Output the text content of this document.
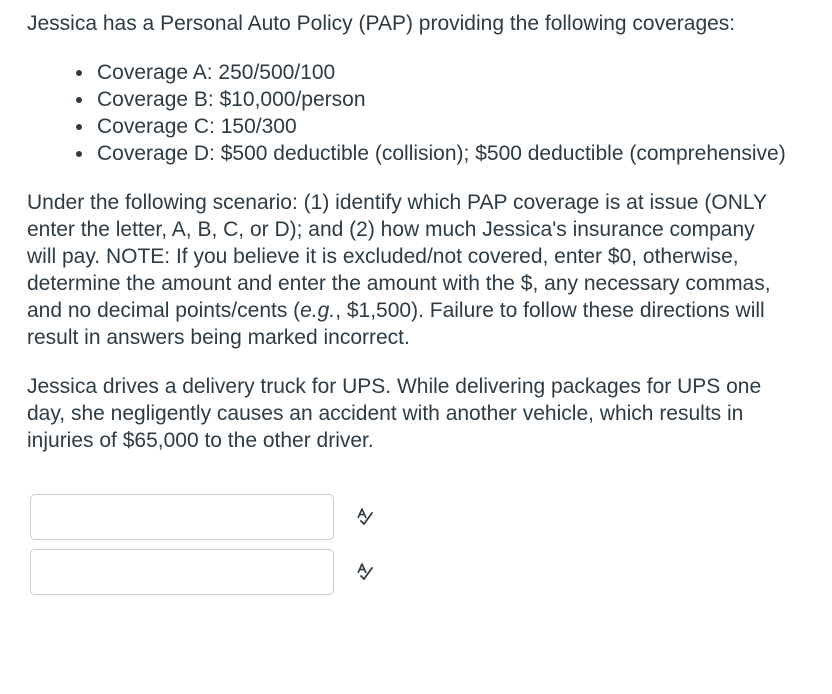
Jessica has a Personal Auto Policy (PAP) providing the following coverages:

• Coverage A: 250/500/100
• Coverage B: $10,000/person
• Coverage C: 150/300
• Coverage D: $500 deductible (collision); $500 deductible (comprehensive)

Under the following scenario: (1) identify which PAP coverage is at issue (ONLY enter the letter, A, B, C, or D); and (2) how much Jessica's insurance company will pay. NOTE: If you believe it is excluded/not covered, enter $0, otherwise, determine the amount and enter the amount with the $, any necessary commas, and no decimal points/cents (e.g., $1,500). Failure to follow these directions will result in answers being marked incorrect.

Jessica drives a delivery truck for UPS. While delivering packages for UPS one day, she negligently causes an accident with another vehicle, which results in injuries of $65,000 to the other driver.
